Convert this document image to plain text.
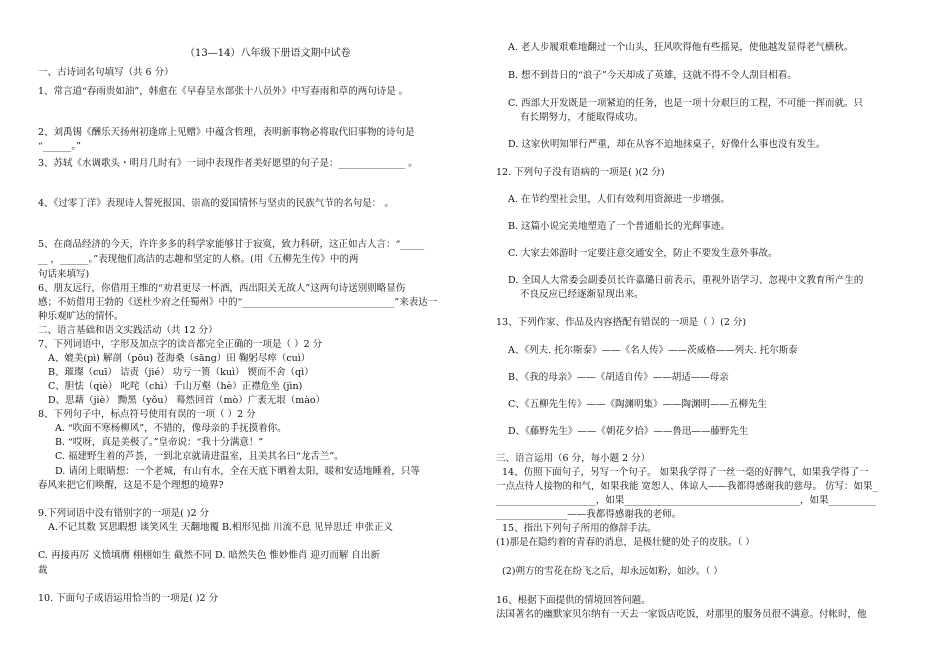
（13—14）八年级下册语文期中试卷
一、古诗词名句填写（共 6 分）
1、常言道“春雨贵如油”，韩愈在《早春呈水部张十八员外》中写春雨和草的两句诗是 。
2、刘禹锡《酬乐天扬州初逢席上见赠》中蕴含哲理，表明新事物必将取代旧事物的诗句是
“______。”
3、苏轼《水调歌头・明月几时有》一词中表现作者美好愿望的句子是：______________ 。
4、《过零丁洋》表现诗人誓死报国、崇高的爱国情怀与坚贞的民族气节的名句是： 。
5、在商品经济的今天，许许多多的科学家能够甘于寂寞，致力科研，这正如古人言：“_____
__ ，______。”表现他们高洁的志趣和坚定的人格。(用《五柳先生传》中的两
句话来填写)
6、朋友远行，你借用王维的“劝君更尽一杯酒，西出阳关无故人”这两句诗送别则略显伤
感；不妨借用王勃的《送杜少府之任蜀州》中的“________________________________”来表达一
种乐观旷达的情怀。
二、语言基础和语文实践活动（共 12 分）
7、下列词语中，字形及加点字的读音都完全正确的一项是（ ）2 分
A、媲美(pì) 解剖（pōu) 苍海桑（sāng）田 鞠躬尽瘁（cuì）
B、璀璨（cuī） 诘责（jié） 功亏一篑（kuì） 锲而不舍（qì）
C、胆怯（qiè） 叱咤（chì）千山万壑（hè）正襟危坐 (jìn)
D、思藉（jiè） 黝黑（yǒu） 蓦然回首（mò）广袤无垠（mào）
8、下列句子中，标点符号使用有误的一项（ ）2 分
A. “吹面不寒杨柳风”，不错的，像母亲的手抚摸着你。
B. “哎呀，真是美极了。”皇帝说：“我十分满意！”
C. 福建野生着的芦荟，一到北京就请进温室，且美其名曰“龙舌兰”。
D. 请闭上眼睛想：一个老城，有山有水，全在天底下晒着太阳，暖和安适地睡着，只等
春风来把它们唤醒，这是不是个理想的境界?
9.下列词语中没有错别字的一项是( )2 分
A.不记其数 冥思暇想 谈笑风生 天翻地覆 B.相形见拙 川流不息 见异思迁 申张正义
C. 再接再厉 义愤填膺 栩栩如生 截然不同 D. 暗然失色 惟妙惟肖 迎刃而解 自出新
裁
10. 下面句子成语运用恰当的一项是( )2 分
A. 老人步履艰难地翻过一个山头，狂风吹得他有些摇晃，使他越发显得老气横秋。
B. 想不到昔日的“浪子”今天却成了英雄，这就不得不令人刮目相看。
C. 西部大开发既是一项紧迫的任务，也是一项十分艰巨的工程，不可能一挥而就。只
有长期努力，才能取得成功。
D. 这家伙明知罪行严重，却在从容不迫地抹桌子，好像什么事也没有发生。
12. 下列句子没有语病的一项是( )(2 分)
A. 在节约型社会里，人们有效利用资源进一步增强。
B. 这篇小说完美地塑造了一个普通船长的光辉事迹。
C. 大家去郊游时一定要注意交通安全，防止不要发生意外事故。
D. 全国人大常委会副委员长许嘉璐日前表示，重视外语学习、忽视中文教育所产生的
不良反应已经逐渐显现出来。
13、下列作家、作品及内容搭配有错误的一项是（ ）(2 分)
A、《列夫. 托尔斯泰》——《名人传》——茨威格——列夫. 托尔斯泰
B、《我的母亲》——《胡适自传》——胡适——母亲
C、《五柳先生传》——《陶渊明集》——陶渊明——五柳先生
D、《藤野先生》——《朝花夕拾》——鲁迅——藤野先生
三、语言运用（6 分，每小题 2 分）
14、仿照下面句子，另写一个句子。 如果我学得了一丝一毫的好脾气，如果我学得了一
一点点待人接物的和气，如果我能 宽恕人、体谅人——我都得感谢我的慈母。 仿写：如果_
_____________________，如果_____________________________________，如果__________
_______________——我都得感谢我的老师。
15、指出下列句子所用的修辞手法。
(1)那是在隐约着的青春的消息，是极壮健的处子的皮肤。（ ）
(2)朔方的雪花在纷飞之后，却永远如粉，如沙。（ ）
16、根据下面提供的情境回答问题。
法国著名的幽默家贝尔纳有一天去一家饭店吃饭，对那里的服务员很不满意。付帐时，他
